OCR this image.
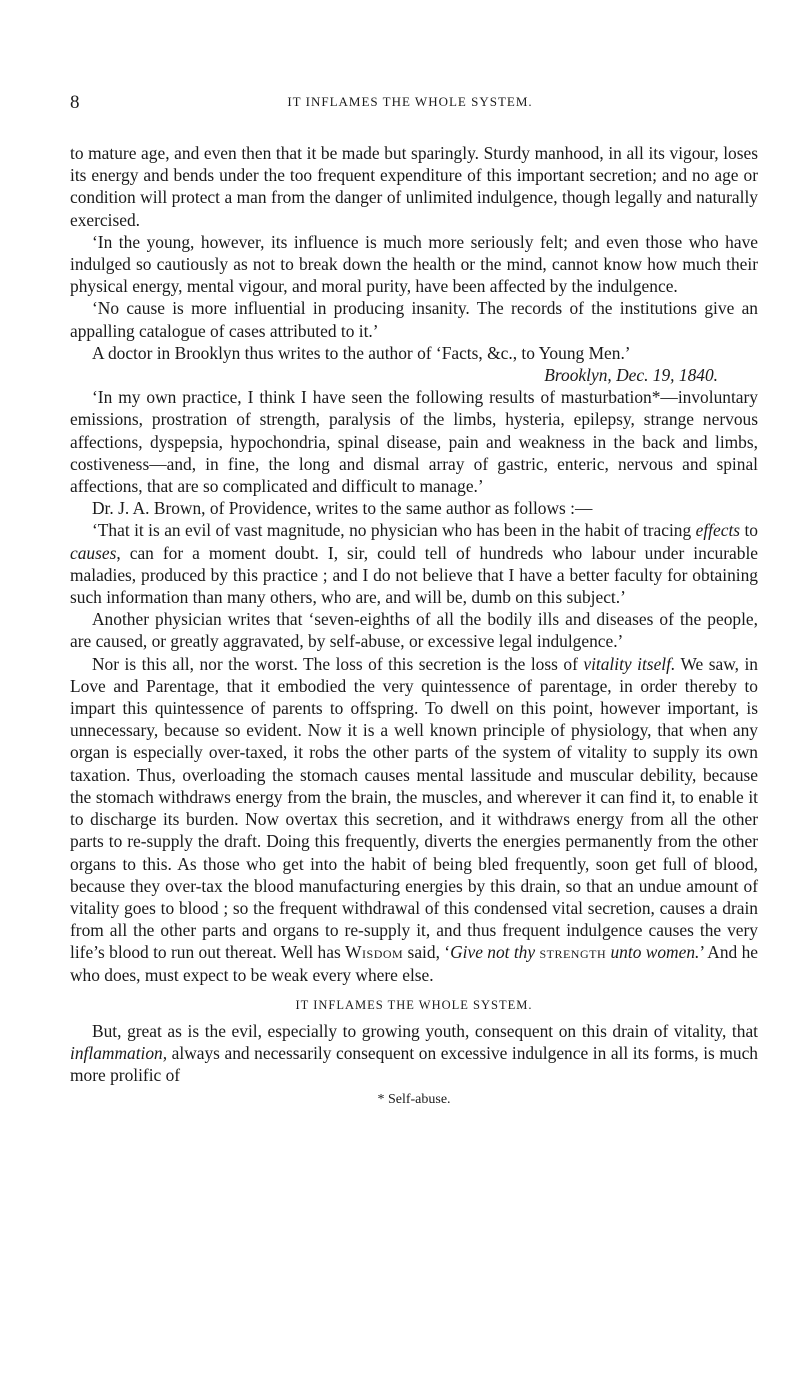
8	IT INFLAMES THE WHOLE SYSTEM.

to mature age, and even then that it be made but sparingly. Sturdy manhood, in all its vigour, loses its energy and bends under the too frequent expenditure of this important secretion; and no age or condition will protect a man from the danger of unlimited indulgence, though legally and naturally exercised.

‘In the young, however, its influence is much more seriously felt; and even those who have indulged so cautiously as not to break down the health or the mind, cannot know how much their physical energy, mental vigour, and moral purity, have been affected by the indulgence.

‘No cause is more influential in producing insanity. The records of the institutions give an appalling catalogue of cases attributed to it.’

A doctor in Brooklyn thus writes to the author of ‘Facts, &c., to Young Men.’

Brooklyn, Dec. 19, 1840.

‘In my own practice, I think I have seen the following results of masturbation*—involuntary emissions, prostration of strength, paralysis of the limbs, hysteria, epilepsy, strange nervous affections, dyspepsia, hypochondria, spinal disease, pain and weakness in the back and limbs, costiveness—and, in fine, the long and dismal array of gastric, enteric, nervous and spinal affections, that are so complicated and difficult to manage.’

Dr. J. A. Brown, of Providence, writes to the same author as follows :—

‘That it is an evil of vast magnitude, no physician who has been in the habit of tracing effects to causes, can for a moment doubt. I, sir, could tell of hundreds who labour under incurable maladies, produced by this practice ; and I do not believe that I have a better faculty for obtaining such information than many others, who are, and will be, dumb on this subject.’

Another physician writes that ‘seven-eighths of all the bodily ills and diseases of the people, are caused, or greatly aggravated, by self-abuse, or excessive legal indulgence.’

Nor is this all, nor the worst. The loss of this secretion is the loss of vitality itself. We saw, in Love and Parentage, that it embodied the very quintessence of parentage, in order thereby to impart this quintessence of parents to offspring. To dwell on this point, however important, is unnecessary, because so evident. Now it is a well known principle of physiology, that when any organ is especially over-taxed, it robs the other parts of the system of vitality to supply its own taxation. Thus, overloading the stomach causes mental lassitude and muscular debility, because the stomach withdraws energy from the brain, the muscles, and wherever it can find it, to enable it to discharge its burden. Now overtax this secretion, and it withdraws energy from all the other parts to re-supply the draft. Doing this frequently, diverts the energies permanently from the other organs to this. As those who get into the habit of being bled frequently, soon get full of blood, because they over-tax the blood manufacturing energies by this drain, so that an undue amount of vitality goes to blood ; so the frequent withdrawal of this condensed vital secretion, causes a drain from all the other parts and organs to re-supply it, and thus frequent indulgence causes the very life’s blood to run out thereat. Well has Wisdom said, ‘Give not thy strength unto women.’ And he who does, must expect to be weak every where else.

IT INFLAMES THE WHOLE SYSTEM.

But, great as is the evil, especially to growing youth, consequent on this drain of vitality, that inflammation, always and necessarily consequent on excessive indulgence in all its forms, is much more prolific of

* Self-abuse.
